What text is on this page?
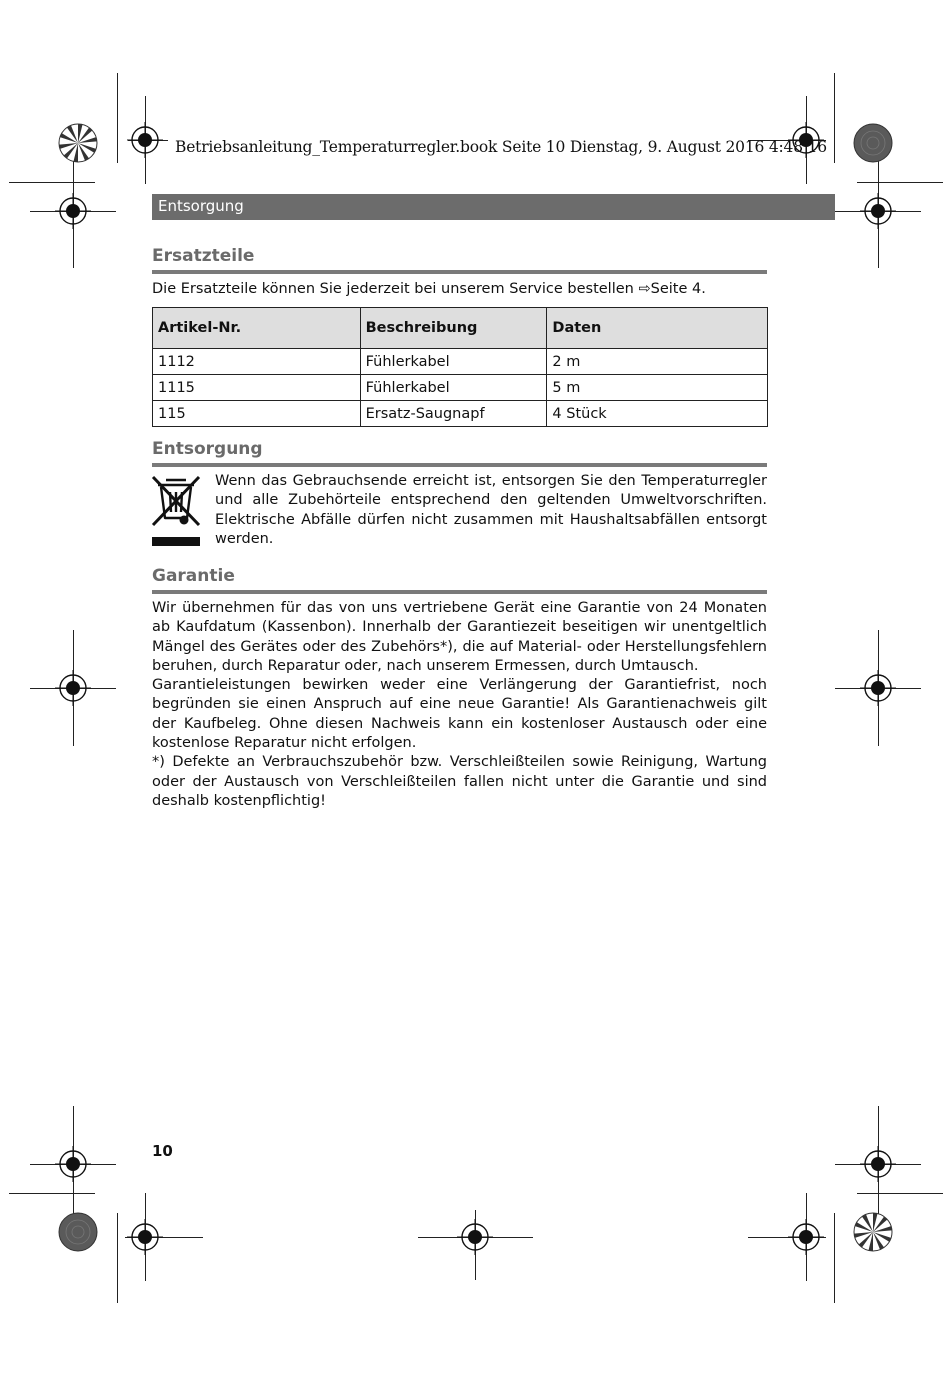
Betriebsanleitung_Temperaturregler.book Seite 10 Dienstag, 9. August 2016 4:48 16
Entsorgung
Ersatzteile
Die Ersatzteile können Sie jederzeit bei unserem Service bestellen ⇨Seite 4.
Artikel-Nr.	Beschreibung	Daten
1112	Fühlerkabel	2 m
1115	Fühlerkabel	5 m
115	Ersatz-Saugnapf	4 Stück
Entsorgung
Wenn das Gebrauchsende erreicht ist, entsorgen Sie den Temperaturregler und alle Zubehörteile entsprechend den geltenden Umweltvorschriften. Elektrische Abfälle dürfen nicht zusammen mit Haushaltsabfällen entsorgt werden.
Garantie
Wir übernehmen für das von uns vertriebene Gerät eine Garantie von 24 Monaten ab Kaufdatum (Kassenbon). Innerhalb der Garantiezeit beseitigen wir unentgeltlich Mängel des Gerätes oder des Zubehörs*), die auf Material- oder Herstellungsfehlern beruhen, durch Reparatur oder, nach unserem Ermessen, durch Umtausch.
Garantieleistungen bewirken weder eine Verlängerung der Garantiefrist, noch begründen sie einen Anspruch auf eine neue Garantie! Als Garantienachweis gilt der Kaufbeleg. Ohne diesen Nachweis kann ein kostenloser Austausch oder eine kostenlose Reparatur nicht erfolgen.
*) Defekte an Verbrauchszubehör bzw. Verschleißteilen sowie Reinigung, Wartung oder der Austausch von Verschleißteilen fallen nicht unter die Garantie und sind deshalb kostenpflichtig!
10
